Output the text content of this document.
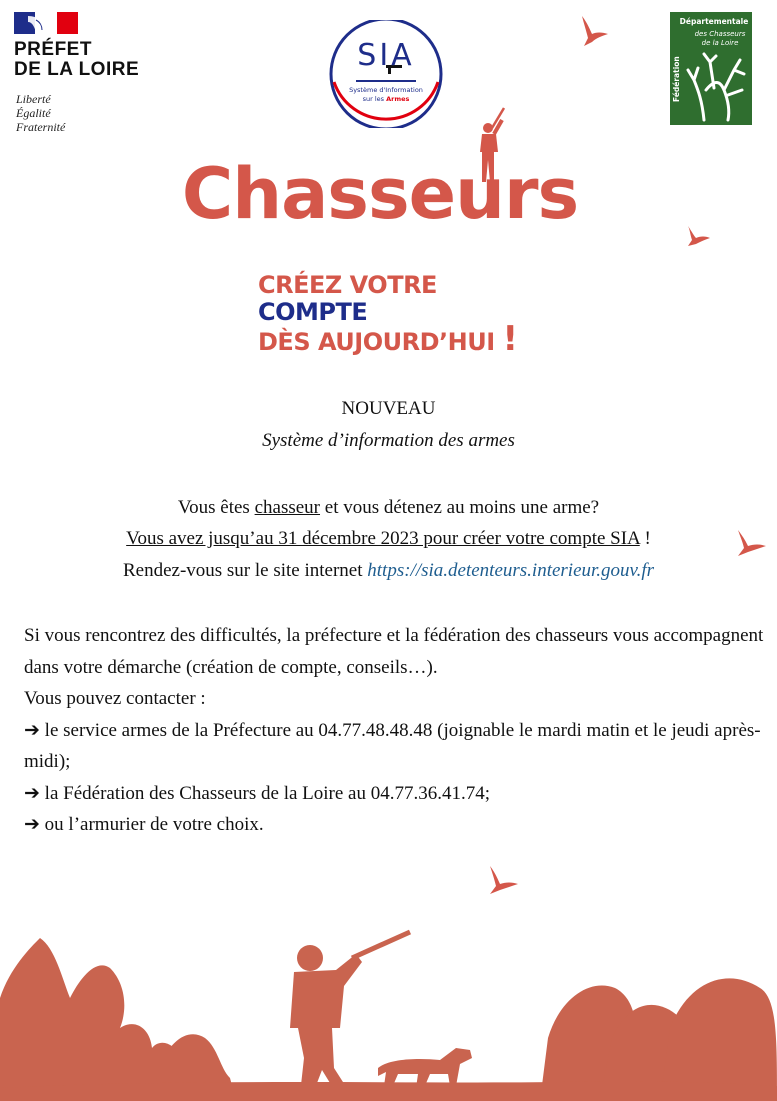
PRÉFET
DE LA LOIRE
Liberté
Égalité
Fraternité
SIA
Système d'Information
sur les Armes	Fédération
Départementale
des Chasseurs
de la Loire
Chasseurs
CRÉEZ VOTRE
COMPTE
DÈS AUJOURD’HUI !
NOUVEAU
Système d’information des armes
Vous êtes chasseur et vous détenez au moins une arme?
Vous avez jusqu’au 31 décembre 2023 pour créer votre compte SIA !
Rendez-vous sur le site internet https://sia.detenteurs.interieur.gouv.fr

Si vous rencontrez des difficultés, la préfecture et la fédération des chasseurs vous accompagnent dans votre démarche (création de compte, conseils…).

Vous pouvez contacter :

➔ le service armes de la Préfecture au 04.77.48.48.48 (joignable le mardi matin et le jeudi après-midi);

➔ la Fédération des Chasseurs de la Loire au 04.77.36.41.74;

➔ ou l’armurier de votre choix.
